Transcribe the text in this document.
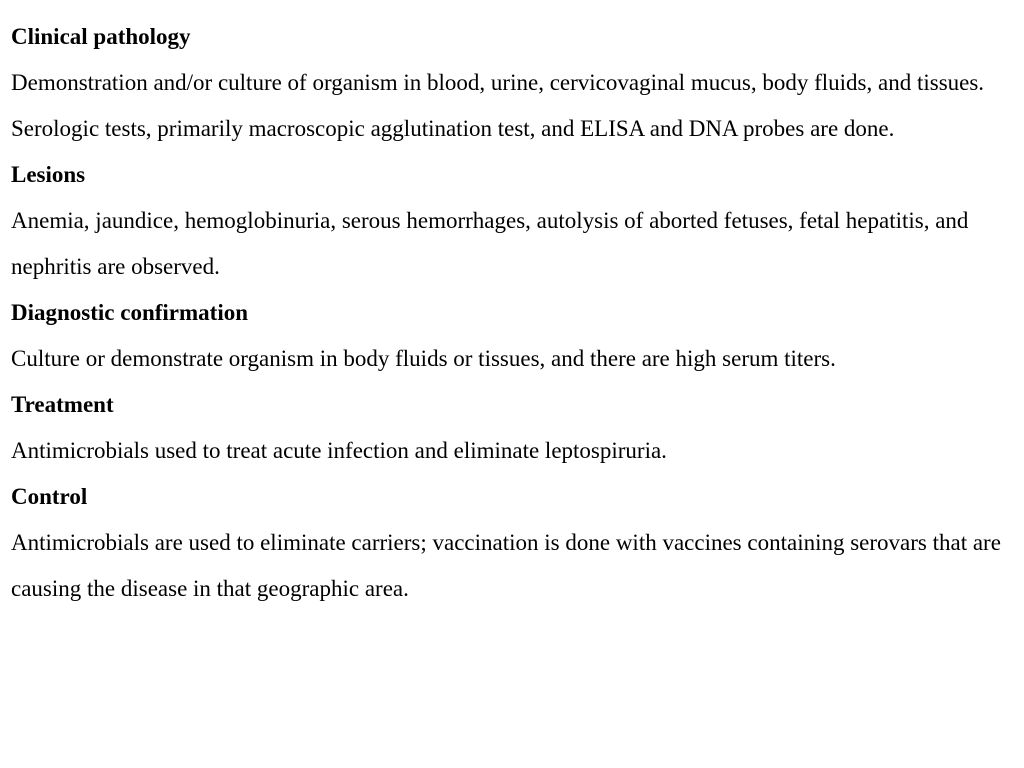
Clinical pathology
Demonstration and/or culture of organism in blood, urine, cervicovaginal mucus, body fluids, and tissues. Serologic tests, primarily macroscopic agglutination test, and ELISA and DNA probes are done.
Lesions
Anemia, jaundice, hemoglobinuria, serous hemorrhages, autolysis of aborted fetuses, fetal hepatitis, and nephritis are observed.
Diagnostic confirmation
Culture or demonstrate organism in body fluids or tissues, and there are high serum titers.
Treatment
Antimicrobials used to treat acute infection and eliminate leptospiruria.
Control
Antimicrobials are used to eliminate carriers; vaccination is done with vaccines containing serovars that are causing the disease in that geographic area.
